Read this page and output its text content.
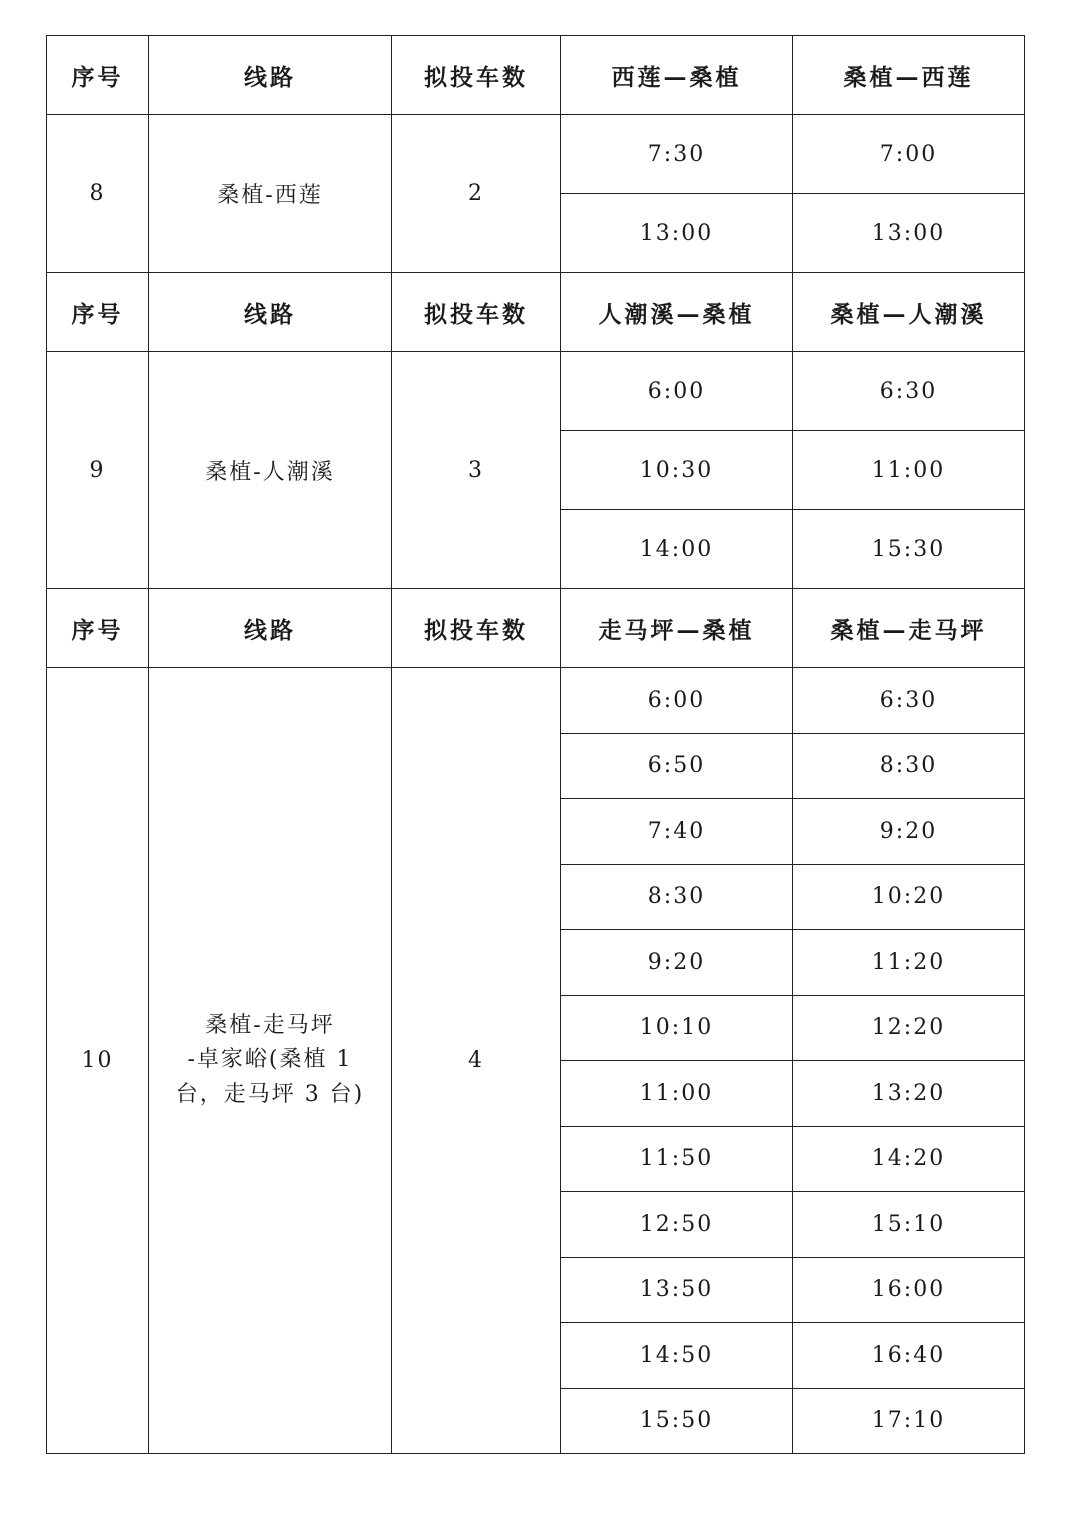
序号	线路	拟投车数	西莲—桑植	桑植—西莲
8	桑植-西莲	2	7:30	7:00
			13:00	13:00
序号	线路	拟投车数	人潮溪—桑植	桑植—人潮溪
9	桑植-人潮溪	3	6:00	6:30
			10:30	11:00
			14:00	15:30
序号	线路	拟投车数	走马坪—桑植	桑植—走马坪
10	桑植-走马坪
-卓家峪(桑植 1
台，走马坪 3 台)	4	6:00	6:30
			6:50	8:30
			7:40	9:20
			8:30	10:20
			9:20	11:20
			10:10	12:20
			11:00	13:20
			11:50	14:20
			12:50	15:10
			13:50	16:00
			14:50	16:40
			15:50	17:10
